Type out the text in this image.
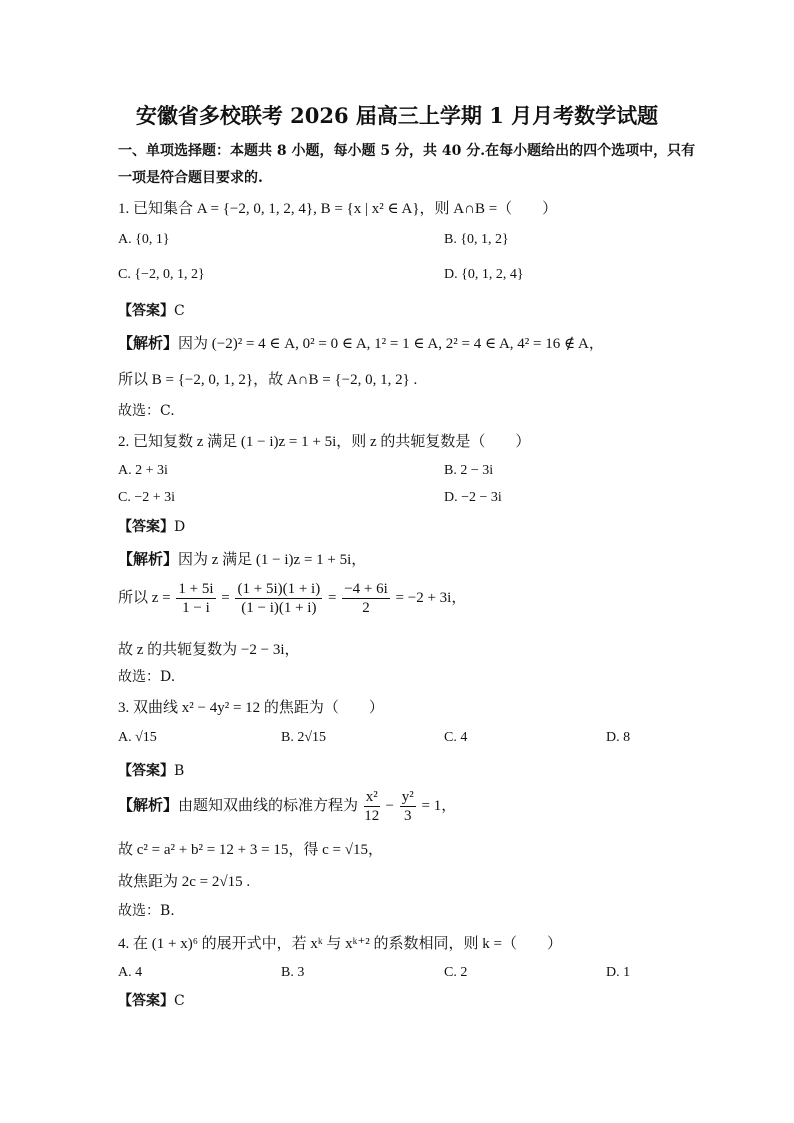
安徽省多校联考 2026 届高三上学期 1 月月考数学试题
一、单项选择题：本题共 8 小题，每小题 5 分，共 40 分.在每小题给出的四个选项中，只有
一项是符合题目要求的.
1. 已知集合 A = {−2, 0, 1, 2, 4}, B = {x | x² ∈ A}，则 A∩B =（　　）
A. {0, 1}	B. {0, 1, 2}
C. {−2, 0, 1, 2}	D. {0, 1, 2, 4}
【答案】C
【解析】因为 (−2)² = 4 ∈ A, 0² = 0 ∈ A, 1² = 1 ∈ A, 2² = 4 ∈ A, 4² = 16 ∉ A，
所以 B = {−2, 0, 1, 2}，故 A∩B = {−2, 0, 1, 2} .
故选：C.
2. 已知复数 z 满足 (1 − i)z = 1 + 5i，则 z 的共轭复数是（　　）
A. 2 + 3i	B. 2 − 3i
C. −2 + 3i	D. −2 − 3i
【答案】D
【解析】因为 z 满足 (1 − i)z = 1 + 5i，
所以 $z = \frac{1 + 5i}{1 - i} = \frac{(1 + 5i)(1 + i)}{(1 - i)(1 + i)} = \frac{-4 + 6i}{2} = -2 + 3i$，
故 z 的共轭复数为 −2 − 3i，
故选：D.
3. 双曲线 x² − 4y² = 12 的焦距为（　　）
A. √15	B. 2√15	C. 4	D. 8
【答案】B
【解析】由题知双曲线的标准方程为 $\frac{\text{x²}}{12} - \frac{\text{y²}}{3} = 1$，
故 c² = a² + b² = 12 + 3 = 15，得 c = √15，
故焦距为 2c = 2√15 .
故选：B.
4. 在 (1 + x)⁶ 的展开式中，若 xᵏ 与 xᵏ⁺² 的系数相同，则 k =（　　）
A. 4	B. 3	C. 2	D. 1
【答案】C
